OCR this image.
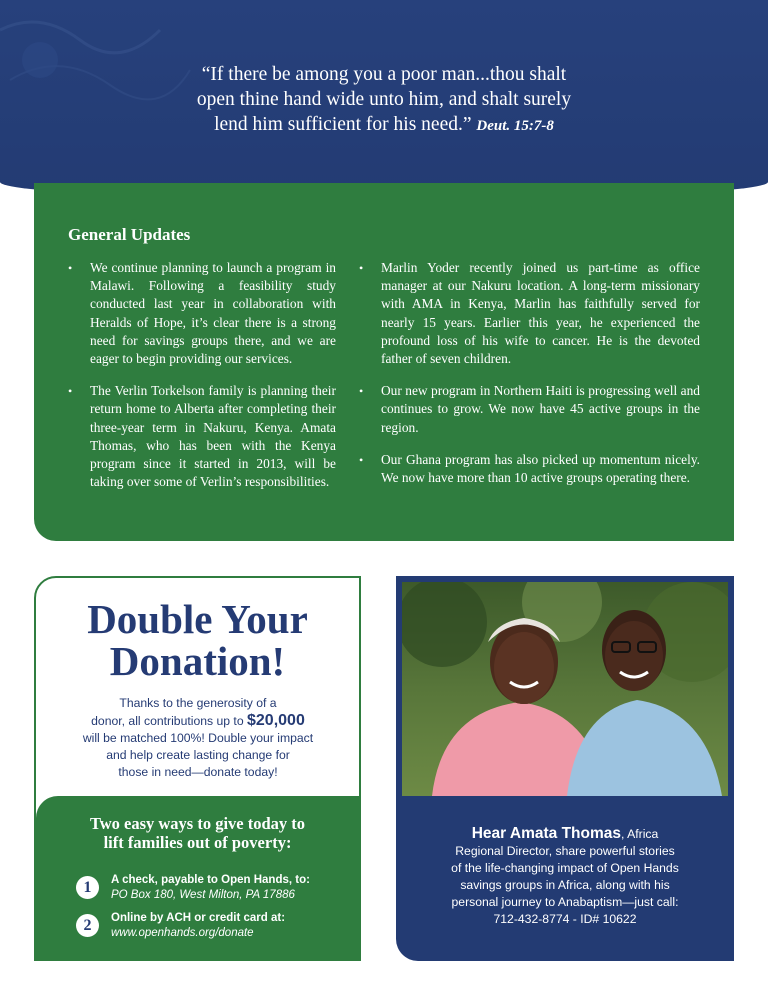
“If there be among you a poor man...thou shalt
open thine hand wide unto him, and shalt surely
lend him sufficient for his need.” Deut. 15:7-8
General Updates
• We continue planning to launch a program in Malawi. Following a feasibility study conducted last year in collaboration with Heralds of Hope, it’s clear there is a strong need for savings groups there, and we are eager to begin providing our services.
• The Verlin Torkelson family is planning their return home to Alberta after completing their three-year term in Nakuru, Kenya. Amata Thomas, who has been with the Kenya program since it started in 2013, will be taking over some of Verlin’s responsibilities.
• Marlin Yoder recently joined us part-time as office manager at our Nakuru location. A long-term missionary with AMA in Kenya, Marlin has faithfully served for nearly 15 years. Earlier this year, he experienced the profound loss of his wife to cancer. He is the devoted father of seven children.
• Our new program in Northern Haiti is progressing well and continues to grow. We now have 45 active groups in the region.
• Our Ghana program has also picked up momentum nicely. We now have more than 10 active groups operating there.
Double Your
Donation!
Thanks to the generosity of a
donor, all contributions up to $20,000
will be matched 100%! Double your impact
and help create lasting change for
those in need—donate today!
Two easy ways to give today to
lift families out of poverty:
1	A check, payable to Open Hands, to:
PO Box 180, West Milton, PA 17886
2	Online by ACH or credit card at:
www.openhands.org/donate
Hear Amata Thomas, Africa
Regional Director, share powerful stories
of the life-changing impact of Open Hands
savings groups in Africa, along with his
personal journey to Anabaptism—just call:
712-432-8774 - ID# 10622
